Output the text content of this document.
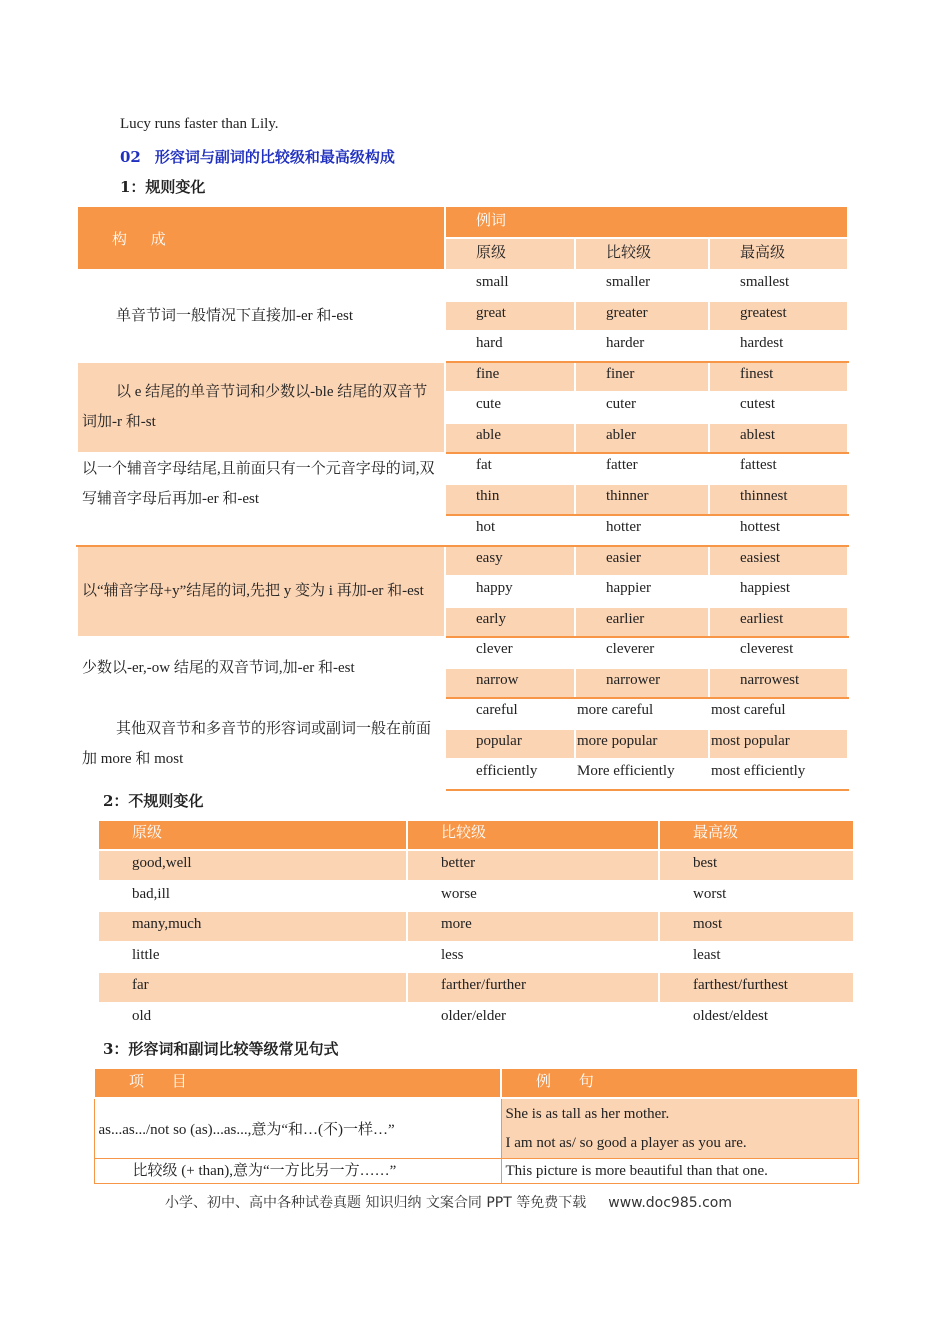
Lucy runs faster than Lily.
02 形容词与副词的比较级和最高级构成
1：规则变化
构 成	例词		
	原级	比较级	最高级
单音节词一般情况下直接加-er 和-est	small	smaller	smallest
	great	greater	greatest
	hard	harder	hardest
以 e 结尾的单音节词和少数以-ble 结尾的双音节词加-r 和-st	fine	finer	finest
	cute	cuter	cutest
	able	abler	ablest
以一个辅音字母结尾,且前面只有一个元音字母的词,双写辅音字母后再加-er 和-est	fat	fatter	fattest
	thin	thinner	thinnest
	hot	hotter	hottest
以“辅音字母+y”结尾的词,先把 y 变为 i 再加-er 和-est	easy	easier	easiest
	happy	happier	happiest
	early	earlier	earliest
少数以-er,-ow 结尾的双音节词,加-er 和-est	clever	cleverer	cleverest
	narrow	narrower	narrowest
其他双音节和多音节的形容词或副词一般在前面加 more 和 most	careful	more careful	most careful
	popular	more popular	most popular
	efficiently	More efficiently	most efficiently
2：不规则变化
原级	比较级	最高级
good,well	better	best
bad,ill	worse	worst
many,much	more	most
little	less	least
far	farther/further	farthest/furthest
old	older/elder	oldest/eldest
3：形容词和副词比较等级常见句式
项 目	例 句
as...as.../not so (as)...as...,意为“和…(不)一样…”	She is as tall as her mother.
I am not as/ so good a player as you are.

比较级 (+ than),意为“一方比另一方……”	This picture is more beautiful than that one.
小学、初中、高中各种试卷真题 知识归纳 文案合同 PPT 等免费下载 www.doc985.com
